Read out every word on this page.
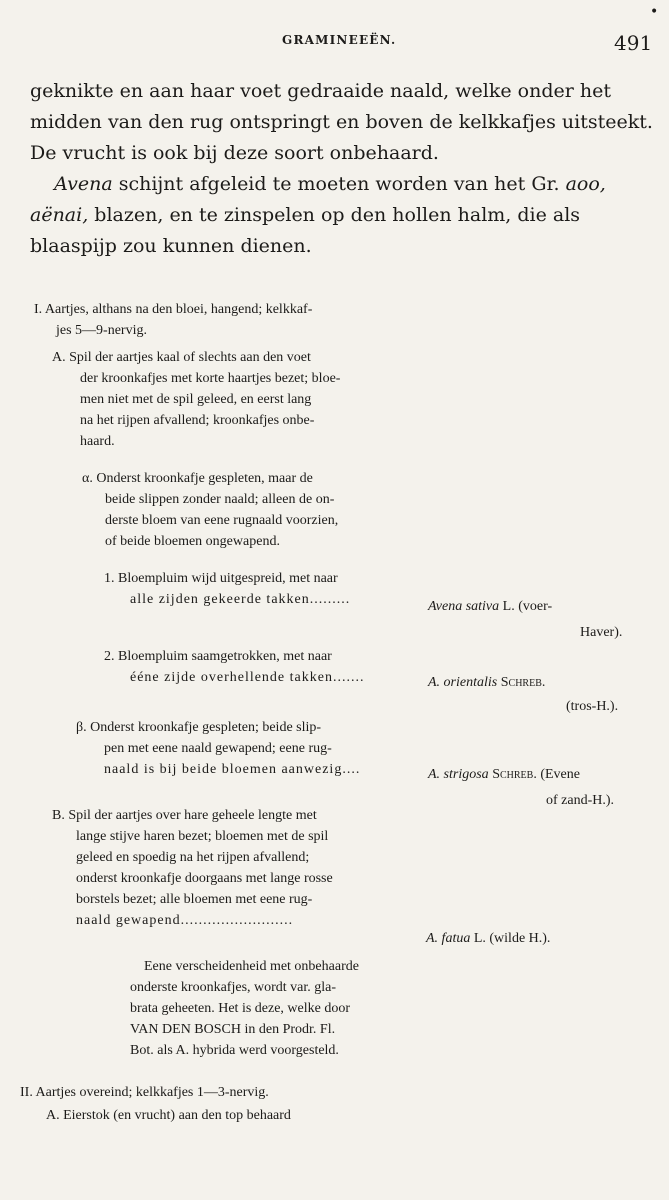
•
GRAMINEEËN.	491
geknikte en aan haar voet gedraaide naald, welke onder het
midden van den rug ontspringt en boven de kelkkafjes uitsteekt.
De vrucht is ook bij deze soort onbehaard.
Avena schijnt afgeleid te moeten worden van het Gr. aoo,
aënai, blazen, en te zinspelen op den hollen halm, die als
blaaspijp zou kunnen dienen.
I. Aartjes, althans na den bloei, hangend; kelkkaf-
jes 5—9-nervig.
A. Spil der aartjes kaal of slechts aan den voet
der kroonkafjes met korte haartjes bezet; bloe-
men niet met de spil geleed, en eerst lang
na het rijpen afvallend; kroonkafjes onbe-
haard.
α. Onderst kroonkafje gespleten, maar de
beide slippen zonder naald; alleen de on-
derste bloem van eene rugnaald voorzien,
of beide bloemen ongewapend.
1. Bloempluim wijd uitgespreid, met naar
alle zijden gekeerde takken.........	Avena sativa L. (voer-
Haver).
2. Bloempluim saamgetrokken, met naar
ééne zijde overhellende takken.......	A. orientalis Schreb.
(tros-H.).
β. Onderst kroonkafje gespleten; beide slip-
pen met eene naald gewapend; eene rug-
naald is bij beide bloemen aanwezig....	A. strigosa Schreb. (Evene
of zand-H.).
B. Spil der aartjes over hare geheele lengte met
lange stijve haren bezet; bloemen met de spil
geleed en spoedig na het rijpen afvallend;
onderst kroonkafje doorgaans met lange rosse
borstels bezet; alle bloemen met eene rug-
naald gewapend.........................
A. fatua L. (wilde H.).
Eene verscheidenheid met onbehaarde
onderste kroonkafjes, wordt var. gla-
brata geheeten. Het is deze, welke door
VAN DEN BOSCH in den Prodr. Fl.
Bot. als A. hybrida werd voorgesteld.
II. Aartjes overeind; kelkkafjes 1—3-nervig.
A. Eierstok (en vrucht) aan den top behaard
